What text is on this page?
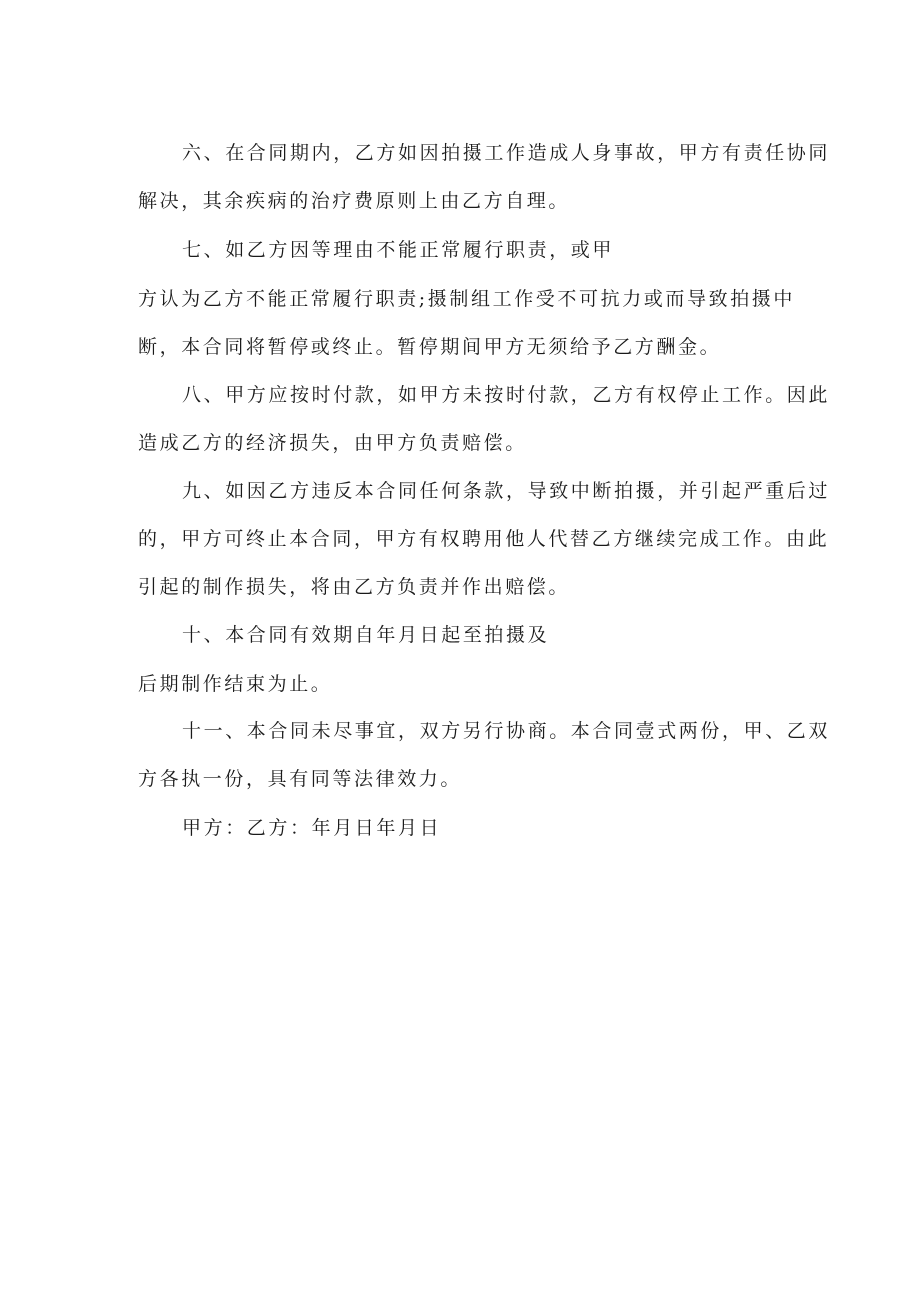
六、在合同期内，乙方如因拍摄工作造成人身事故，甲方有责任协同
解决，其余疾病的治疗费原则上由乙方自理。
七、如乙方因等理由不能正常履行职责，或甲
方认为乙方不能正常履行职责;摄制组工作受不可抗力或而导致拍摄中
断，本合同将暂停或终止。暂停期间甲方无须给予乙方酬金。
八、甲方应按时付款，如甲方未按时付款，乙方有权停止工作。因此
造成乙方的经济损失，由甲方负责赔偿。
九、如因乙方违反本合同任何条款，导致中断拍摄，并引起严重后过
的，甲方可终止本合同，甲方有权聘用他人代替乙方继续完成工作。由此
引起的制作损失，将由乙方负责并作出赔偿。
十、本合同有效期自年月日起至拍摄及
后期制作结束为止。
十一、本合同未尽事宜，双方另行协商。本合同壹式两份，甲、乙双
方各执一份，具有同等法律效力。
甲方：乙方：年月日年月日
